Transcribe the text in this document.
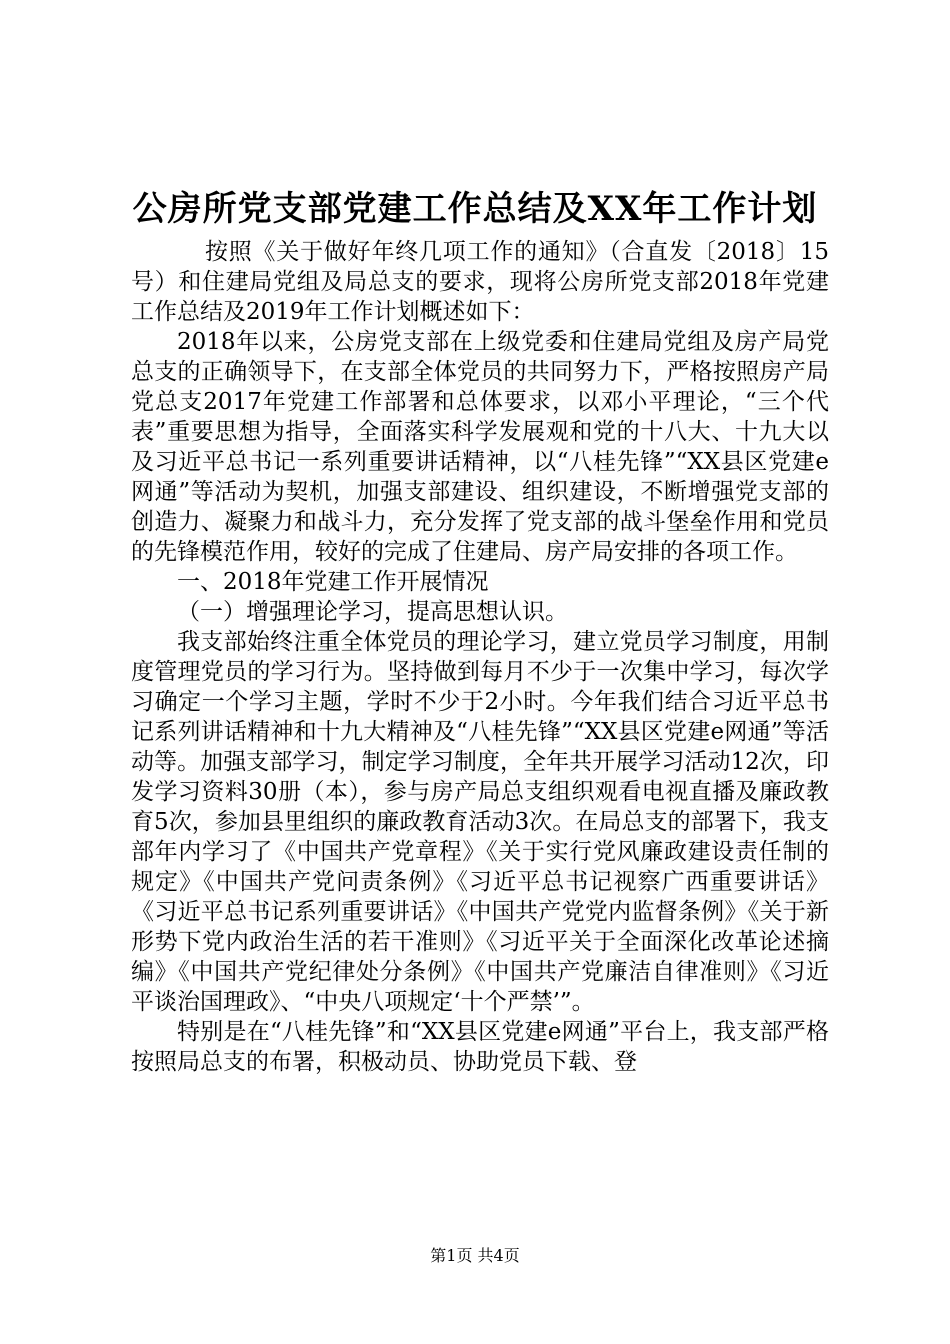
公房所党支部党建工作总结及XX年工作计划

按照《关于做好年终几项工作的通知》（合直发〔2018〕15号）和住建局党组及局总支的要求，现将公房所党支部2018年党建工作总结及2019年工作计划概述如下：

2018年以来，公房党支部在上级党委和住建局党组及房产局党总支的正确领导下，在支部全体党员的共同努力下，严格按照房产局党总支2017年党建工作部署和总体要求，以邓小平理论，“三个代表”重要思想为指导，全面落实科学发展观和党的十八大、十九大以及习近平总书记一系列重要讲话精神，以“八桂先锋”“XX县区党建e网通”等活动为契机，加强支部建设、组织建设，不断增强党支部的创造力、凝聚力和战斗力，充分发挥了党支部的战斗堡垒作用和党员的先锋模范作用，较好的完成了住建局、房产局安排的各项工作。

一、2018年党建工作开展情况

（一）增强理论学习，提高思想认识。

我支部始终注重全体党员的理论学习，建立党员学习制度，用制度管理党员的学习行为。坚持做到每月不少于一次集中学习，每次学习确定一个学习主题，学时不少于2小时。今年我们结合习近平总书记系列讲话精神和十九大精神及“八桂先锋”“XX县区党建e网通”等活动等。加强支部学习，制定学习制度，全年共开展学习活动12次，印发学习资料30册（本），参与房产局总支组织观看电视直播及廉政教育5次，参加县里组织的廉政教育活动3次。在局总支的部署下，我支部年内学习了《中国共产党章程》《关于实行党风廉政建设责任制的规定》《中国共产党问责条例》《习近平总书记视察广西重要讲话》《习近平总书记系列重要讲话》《中国共产党党内监督条例》《关于新形势下党内政治生活的若干准则》《习近平关于全面深化改革论述摘编》《中国共产党纪律处分条例》《中国共产党廉洁自律准则》《习近平谈治国理政》、“中央八项规定‘十个严禁’”。

特别是在“八桂先锋”和“XX县区党建e网通”平台上，我支部严格按照局总支的布署，积极动员、协助党员下载、登

第1页 共4页
